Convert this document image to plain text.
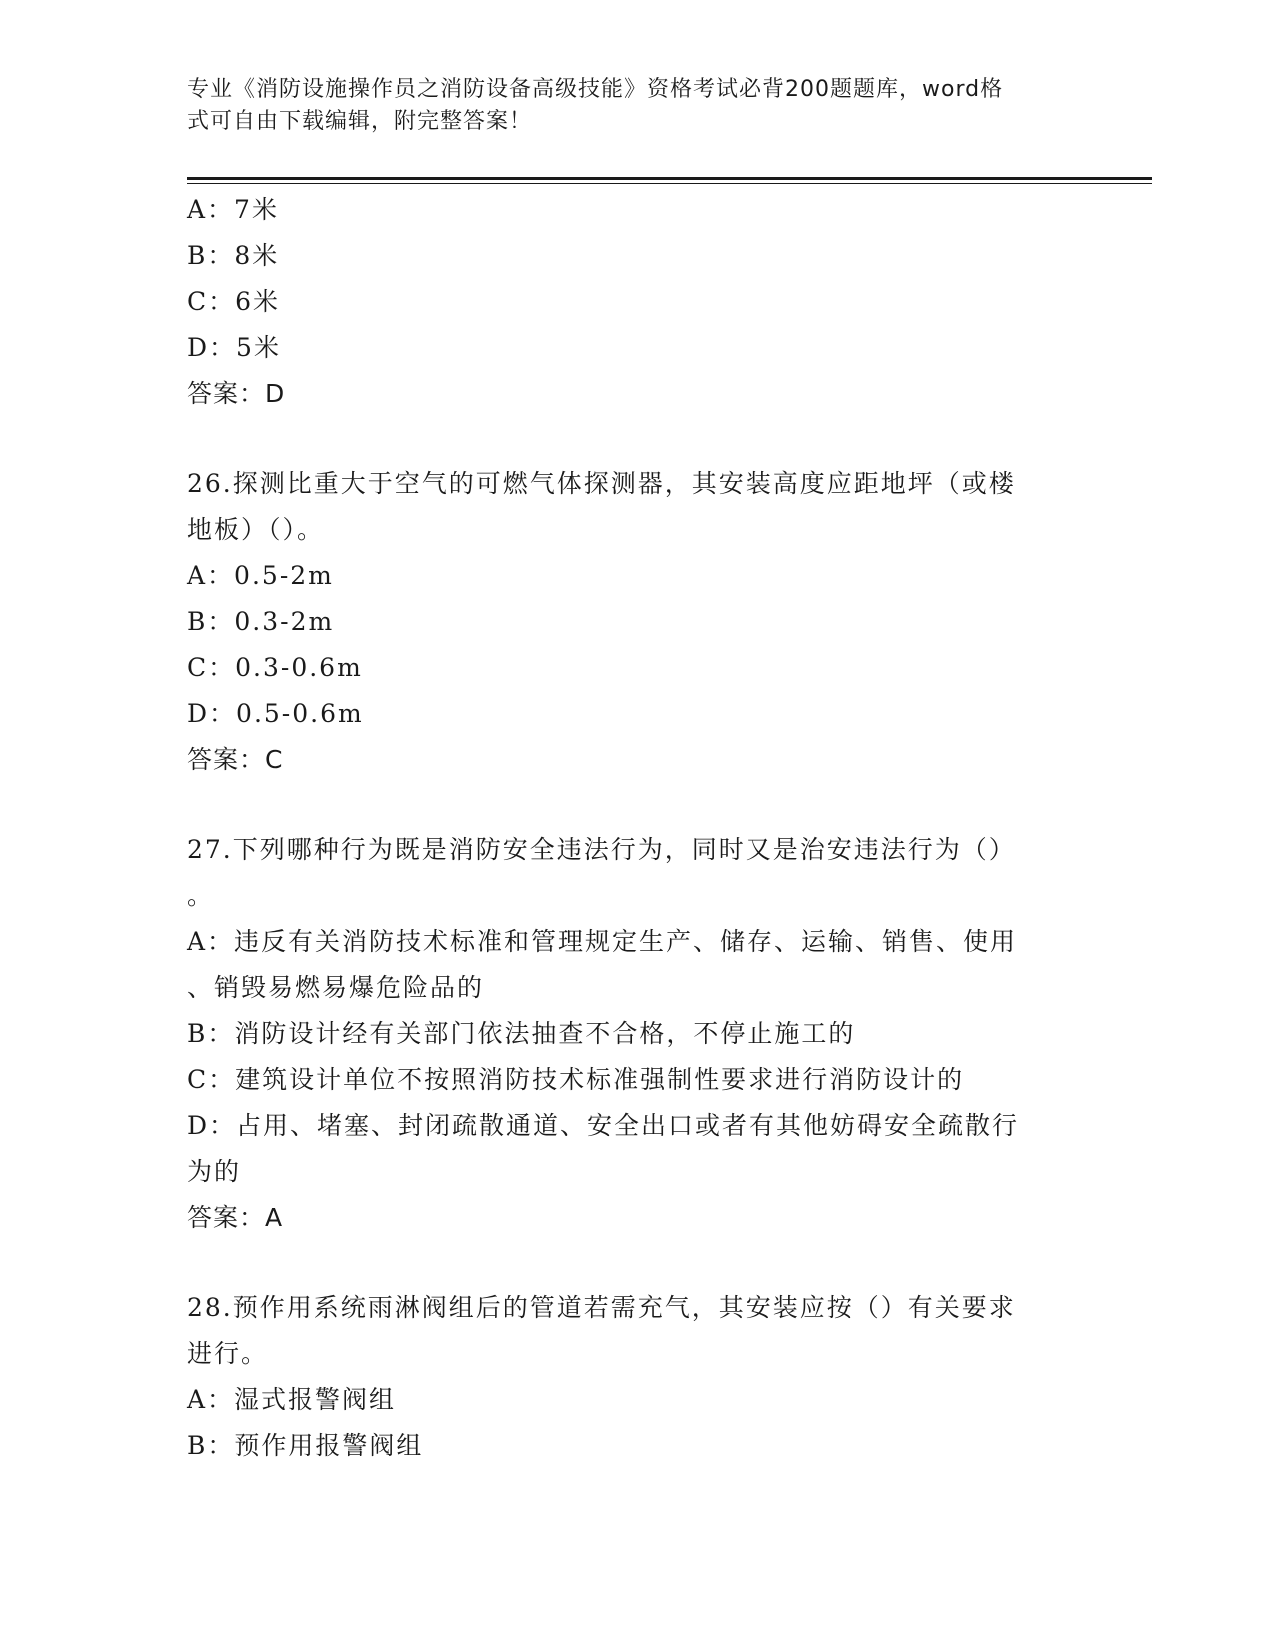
专业《消防设施操作员之消防设备高级技能》资格考试必背200题题库，word格
式可自由下载编辑，附完整答案！
A：7米
B：8米
C：6米
D：5米
答案：D
26.探测比重大于空气的可燃气体探测器，其安装高度应距地坪（或楼
地板）（）。
A：0.5-2m
B：0.3-2m
C：0.3-0.6m
D：0.5-0.6m
答案：C
27.下列哪种行为既是消防安全违法行为，同时又是治安违法行为（）
。
A：违反有关消防技术标准和管理规定生产、储存、运输、销售、使用
、销毁易燃易爆危险品的
B：消防设计经有关部门依法抽查不合格，不停止施工的
C：建筑设计单位不按照消防技术标准强制性要求进行消防设计的
D：占用、堵塞、封闭疏散通道、安全出口或者有其他妨碍安全疏散行
为的
答案：A
28.预作用系统雨淋阀组后的管道若需充气，其安装应按（）有关要求
进行。
A：湿式报警阀组
B：预作用报警阀组
